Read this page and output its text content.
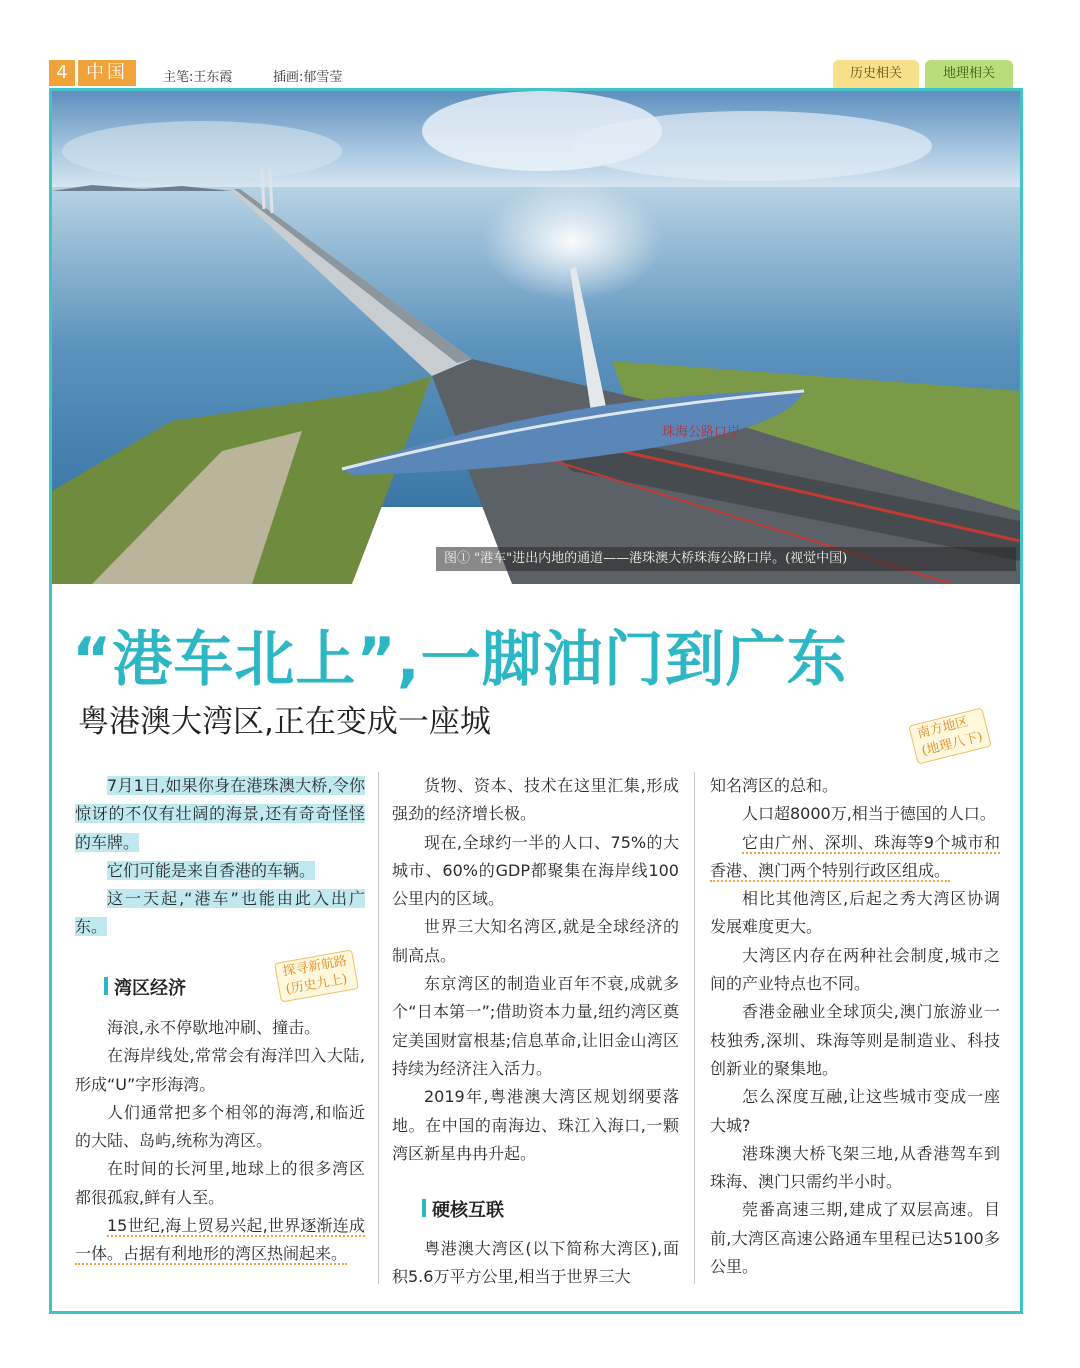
4	中国	主笔:王东霞	插画:郁雪莹	历史相关	地理相关
珠海公路口岸
图① "港车"进出内地的通道——港珠澳大桥珠海公路口岸。(视觉中国)
“港车北上”,一脚油门到广东
粤港澳大湾区,正在变成一座城

7月1日,如果你身在港珠澳大桥,令你惊讶的不仅有壮阔的海景,还有奇奇怪怪的车牌。

它们可能是来自香港的车辆。

这一天起,“港车”也能由此入出广东。

湾区经济
探寻新航路
(历史九上)

海浪,永不停歇地冲刷、撞击。

在海岸线处,常常会有海洋凹入大陆,形成“U”字形海湾。

人们通常把多个相邻的海湾,和临近的大陆、岛屿,统称为湾区。

在时间的长河里,地球上的很多湾区都很孤寂,鲜有人至。

15世纪,海上贸易兴起,世界逐渐连成一体。占据有利地形的湾区热闹起来。

货物、资本、技术在这里汇集,形成强劲的经济增长极。

现在,全球约一半的人口、75%的大城市、60%的GDP都聚集在海岸线100公里内的区域。

世界三大知名湾区,就是全球经济的制高点。

东京湾区的制造业百年不衰,成就多个“日本第一”;借助资本力量,纽约湾区奠定美国财富根基;信息革命,让旧金山湾区持续为经济注入活力。

2019年,粤港澳大湾区规划纲要落地。在中国的南海边、珠江入海口,一颗湾区新星冉冉升起。

硬核互联

粤港澳大湾区(以下简称大湾区),面积5.6万平方公里,相当于世界三大

知名湾区的总和。

人口超8000万,相当于德国的人口。

它由广州、深圳、珠海等9个城市和香港、澳门两个特别行政区组成。

相比其他湾区,后起之秀大湾区协调发展难度更大。

大湾区内存在两种社会制度,城市之间的产业特点也不同。

香港金融业全球顶尖,澳门旅游业一枝独秀,深圳、珠海等则是制造业、科技创新业的聚集地。

怎么深度互融,让这些城市变成一座大城?

港珠澳大桥飞架三地,从香港驾车到珠海、澳门只需约半小时。

莞番高速三期,建成了双层高速。目前,大湾区高速公路通车里程已达5100多公里。

南方地区
(地理八下)
